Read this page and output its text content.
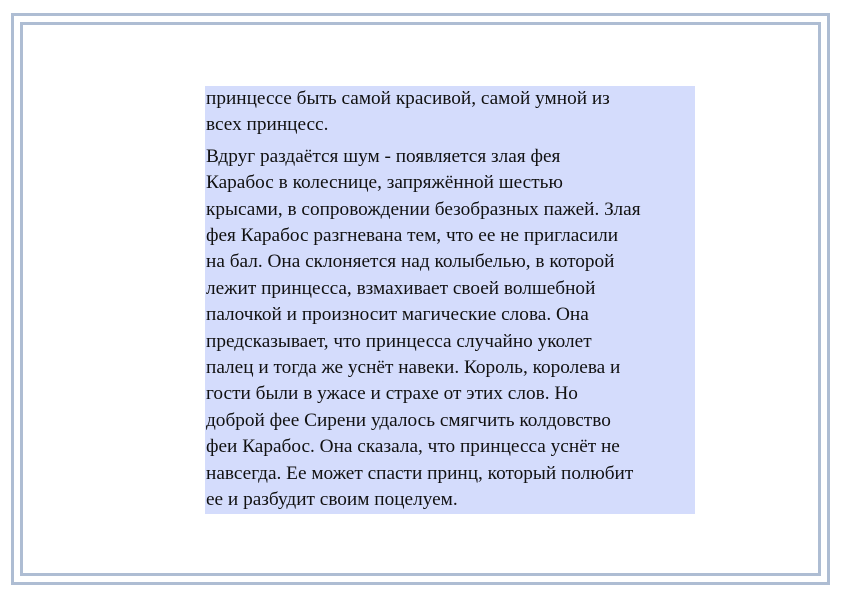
принцессе быть самой красивой, самой умной из
всех принцесс.

Вдруг раздаётся шум - появляется злая фея
Карабос в колеснице, запряжённой шестью
крысами, в сопровождении безобразных пажей. Злая
фея Карабос разгневана тем, что ее не пригласили
на бал. Она склоняется над колыбелью, в которой
лежит принцесса, взмахивает своей волшебной
палочкой и произносит магические слова. Она
предсказывает, что принцесса случайно уколет
палец и тогда же уснёт навеки. Король, королева и
гости были в ужасе и страхе от этих слов. Но
доброй фее Сирени удалось смягчить колдовство
феи Карабос. Она сказала, что принцесса уснёт не
навсегда. Ее может спасти принц, который полюбит
ее и разбудит своим поцелуем.
